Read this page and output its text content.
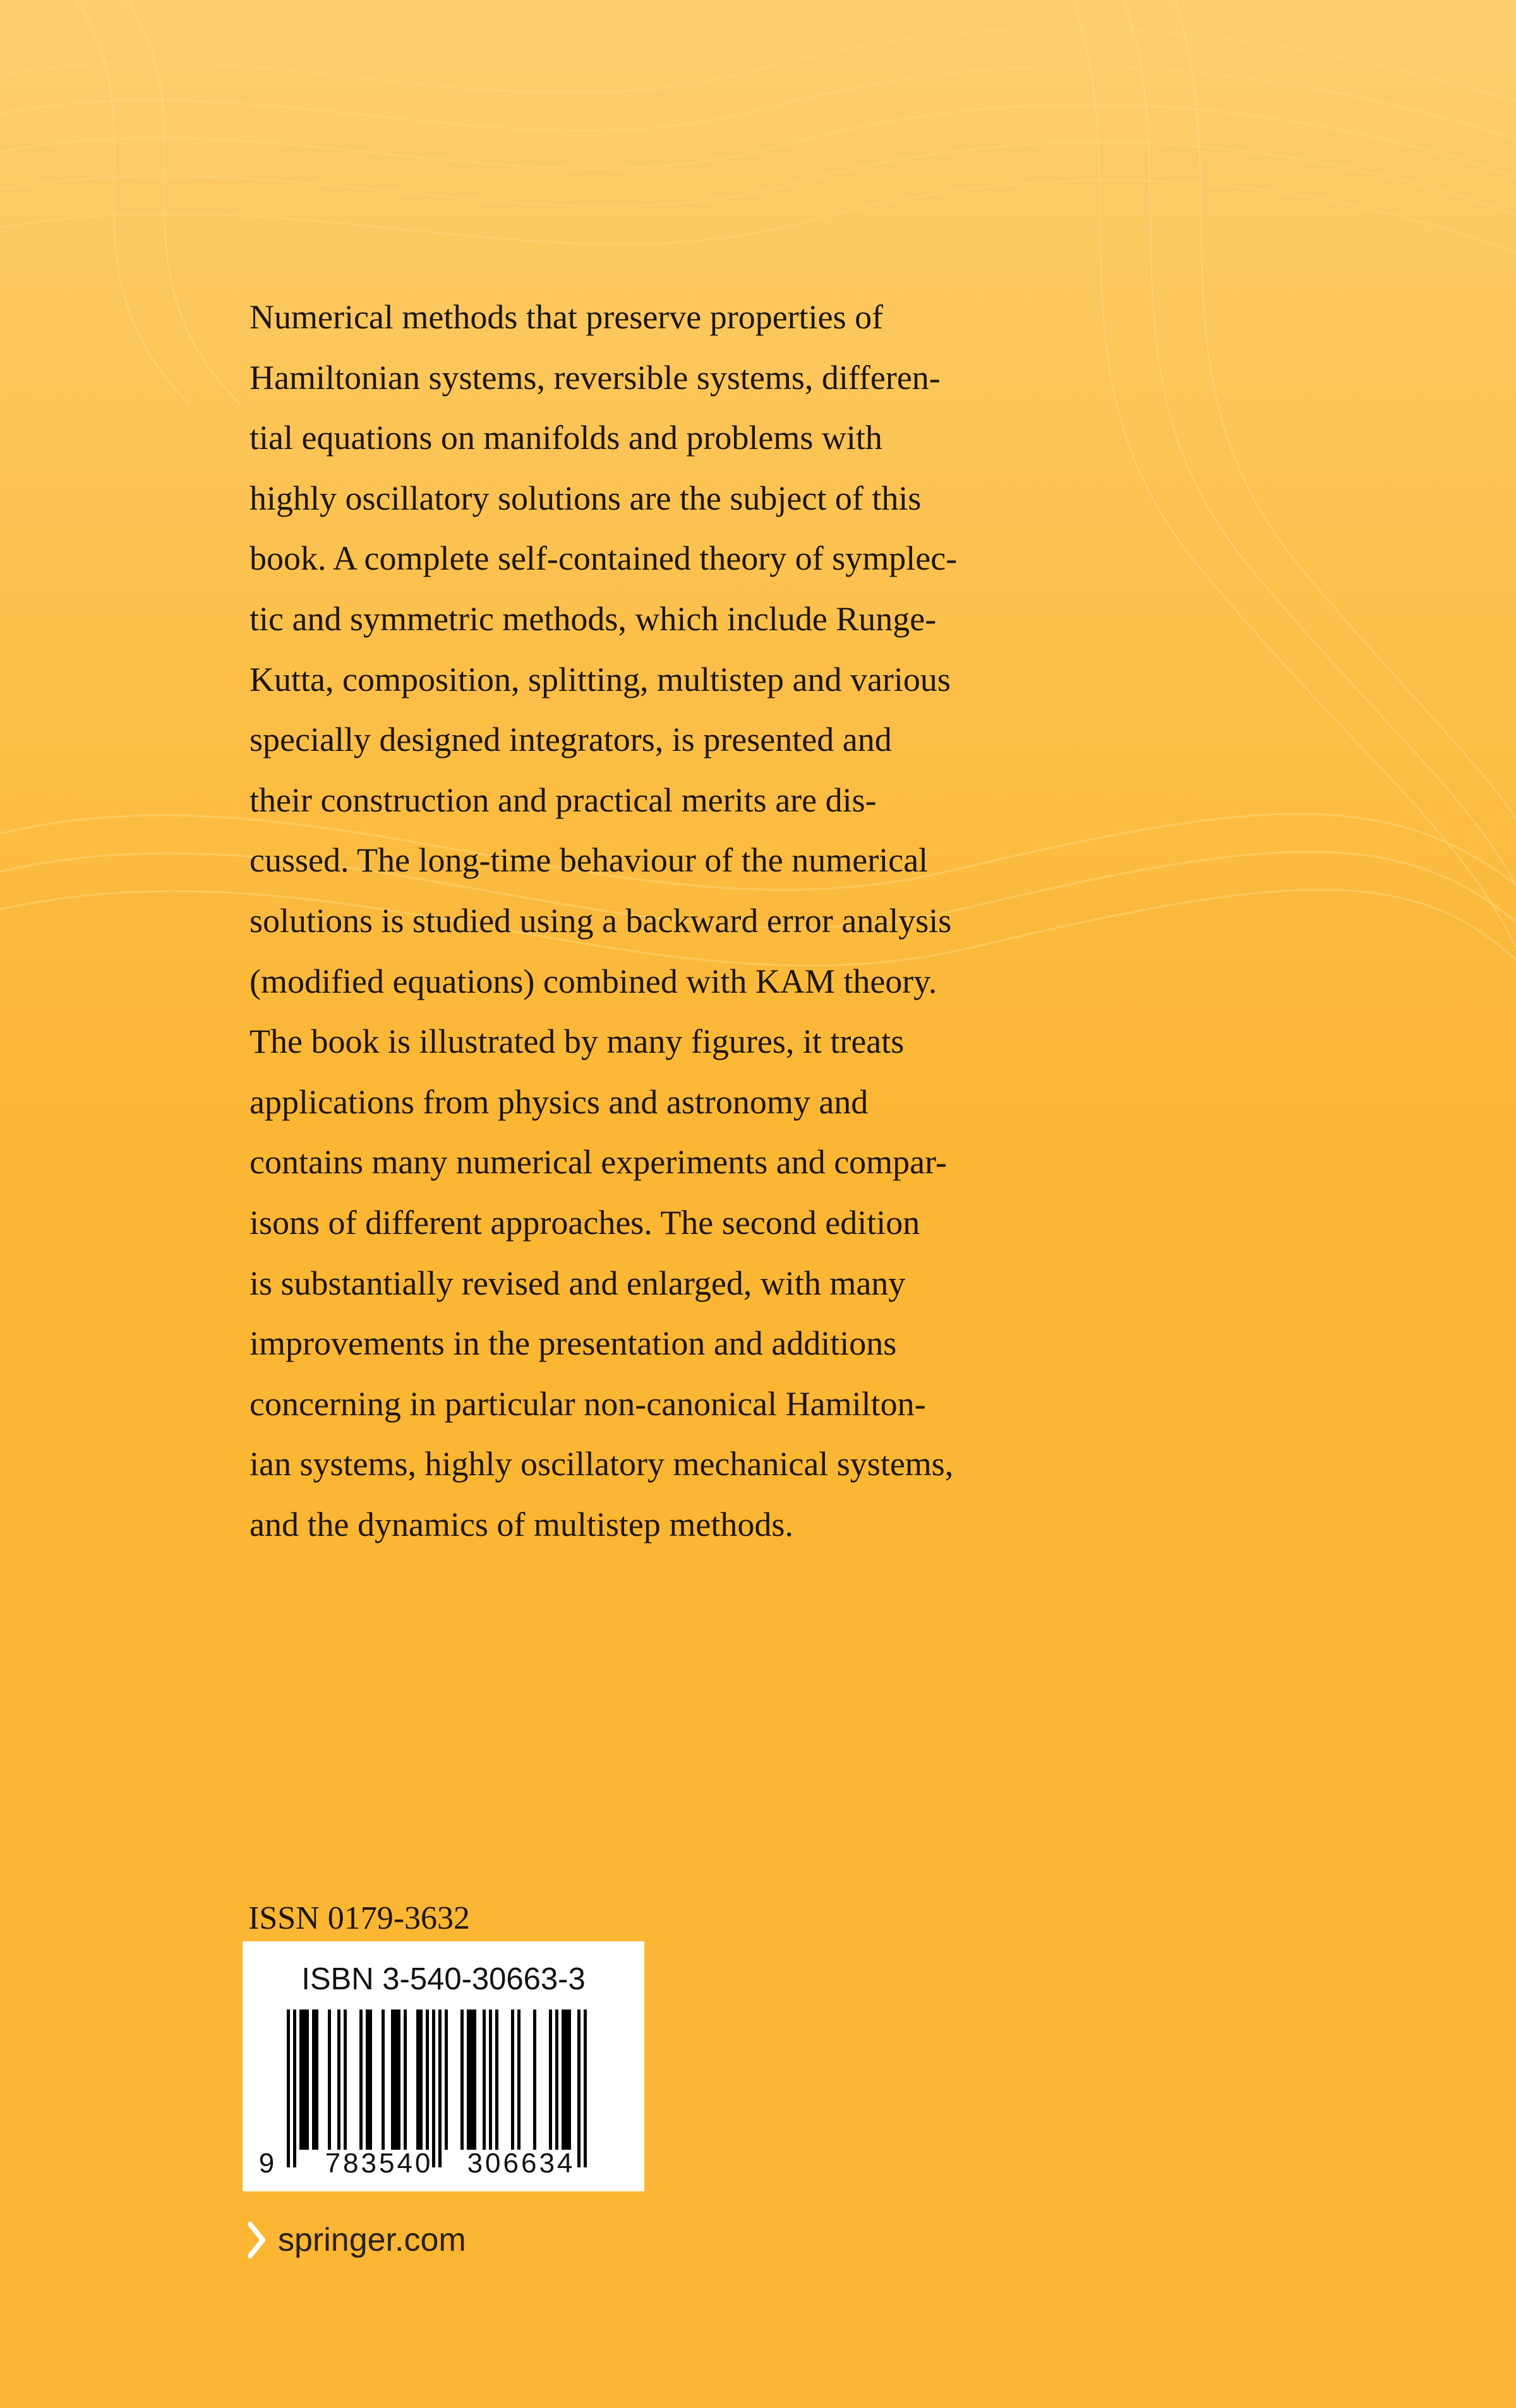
Numerical methods that preserve properties of
Hamiltonian systems, reversible systems, differen-
tial equations on manifolds and problems with
highly oscillatory solutions are the subject of this
book. A complete self-contained theory of symplec-
tic and symmetric methods, which include Runge-
Kutta, composition, splitting, multistep and various
specially designed integrators, is presented and
their construction and practical merits are dis-
cussed. The long-time behaviour of the numerical
solutions is studied using a backward error analysis
(modified equations) combined with KAM theory.
The book is illustrated by many figures, it treats
applications from physics and astronomy and
contains many numerical experiments and compar-
isons of different approaches. The second edition
is substantially revised and enlarged, with many
improvements in the presentation and additions
concerning in particular non-canonical Hamilton-
ian systems, highly oscillatory mechanical systems,
and the dynamics of multistep methods.

ISSN 0179-3632
ISBN 3-540-30663-3
9 783540 306634
springer.com
